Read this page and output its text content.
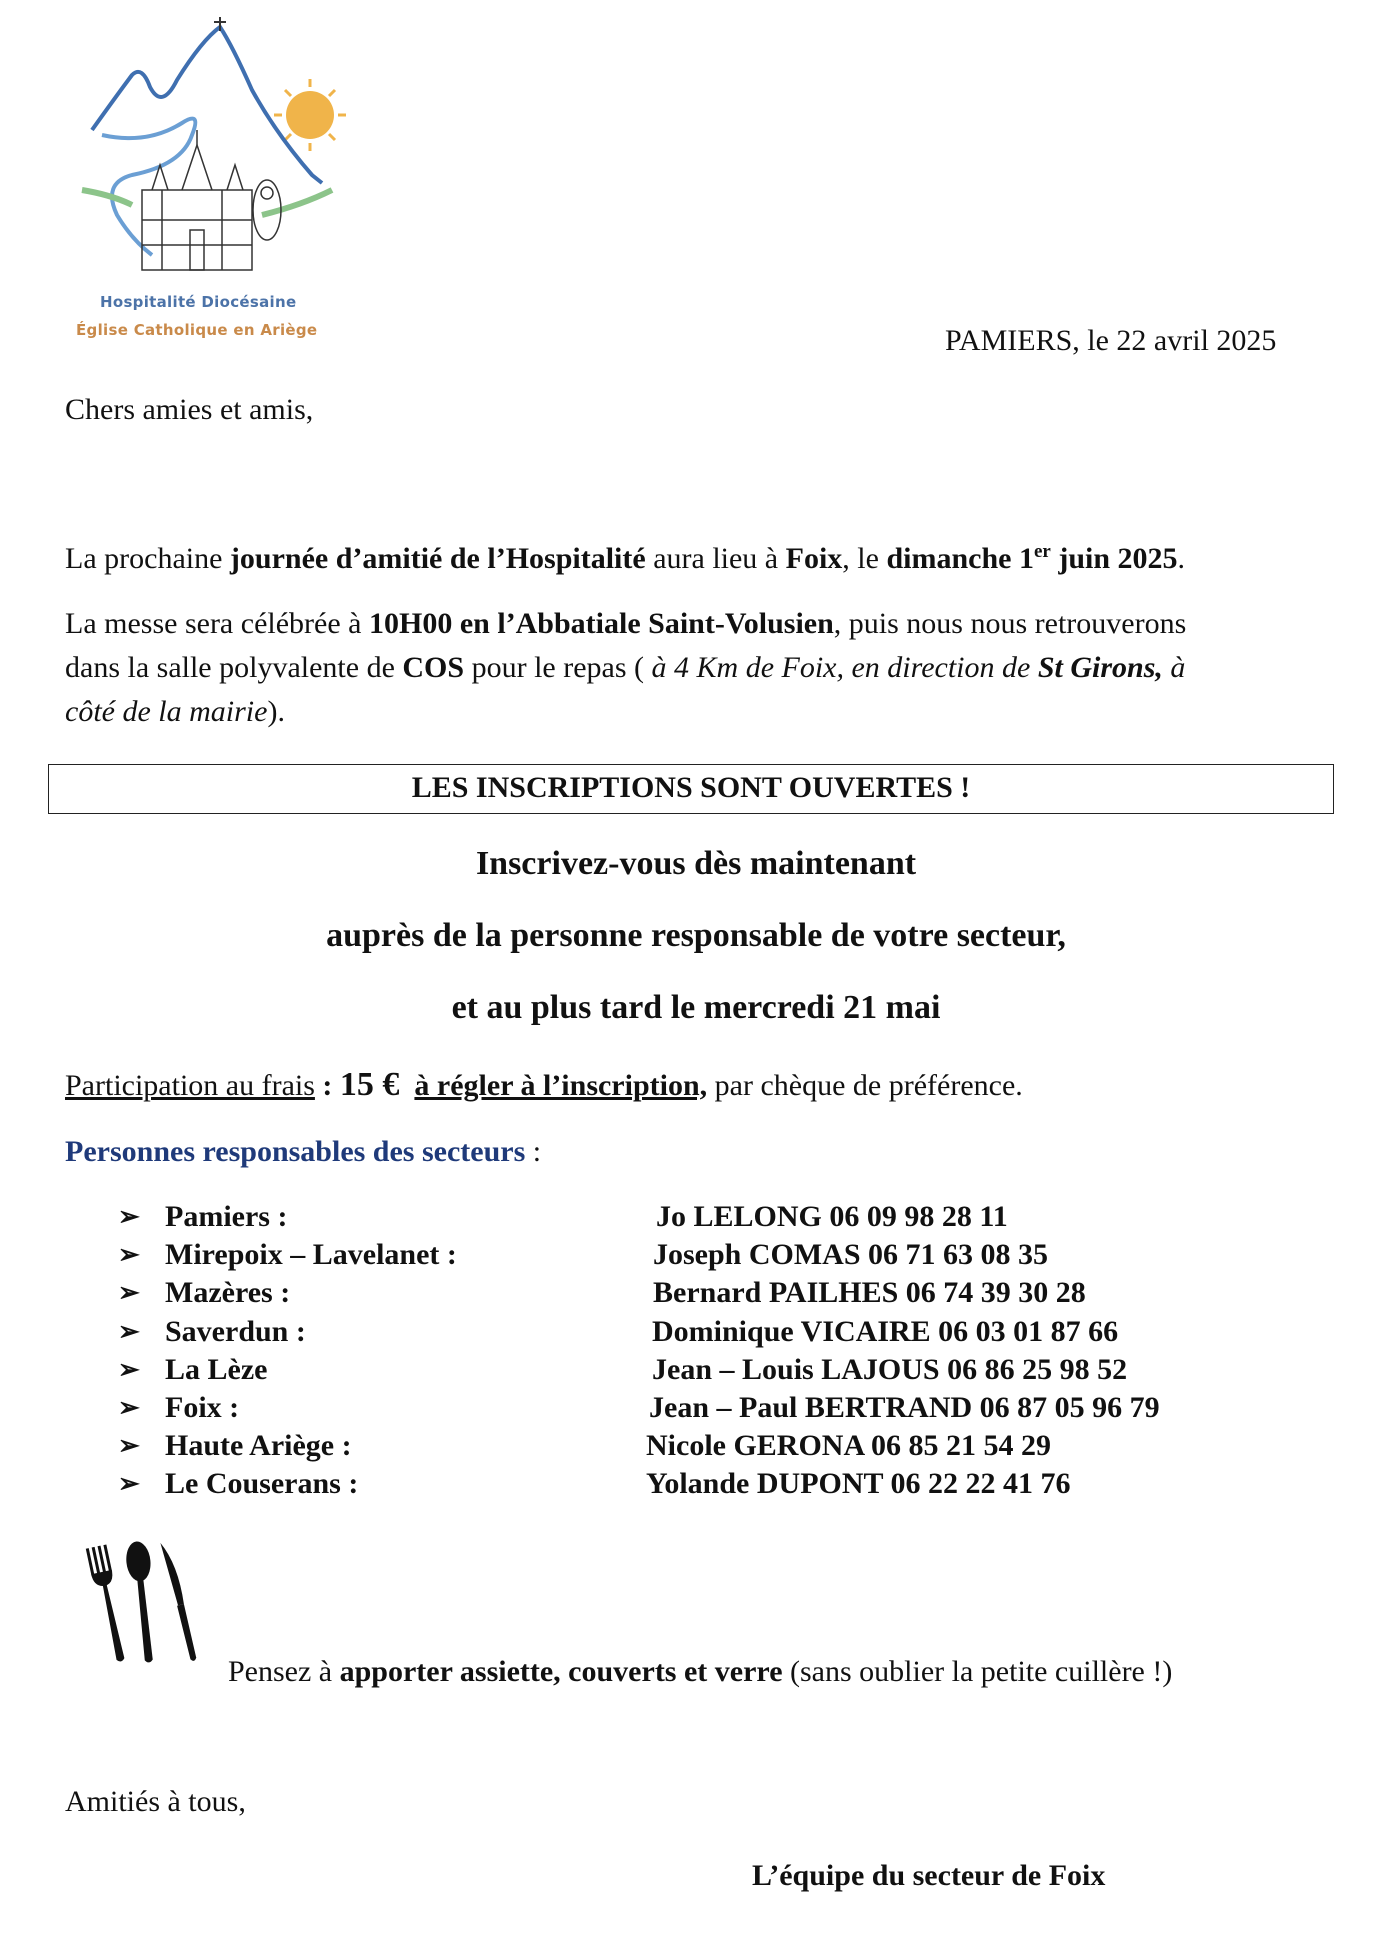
Hospitalité Diocésaine
Église Catholique en Ariège	PAMIERS, le 22 avril 2025

Chers amies et amis,

La prochaine journée d’amitié de l’Hospitalité aura lieu à Foix, le dimanche 1er juin 2025.

La messe sera célébrée à 10H00 en l’Abbatiale Saint-Volusien, puis nous nous retrouverons
dans la salle polyvalente de COS pour le repas ( à 4 Km de Foix, en direction de St Girons, à
côté de la mairie).
LES INSCRIPTIONS SONT OUVERTES !
Inscrivez-vous dès maintenant
auprès de la personne responsable de votre secteur,
et au plus tard le mercredi 21 mai

Participation au frais : 15 € à régler à l’inscription, par chèque de préférence.

Personnes responsables des secteurs :

➢ Pamiers :	Jo LELONG 06 09 98 28 11
➢ Mirepoix – Lavelanet :	Joseph COMAS 06 71 63 08 35
➢ Mazères :	Bernard PAILHES 06 74 39 30 28
➢ Saverdun :	Dominique VICAIRE 06 03 01 87 66
➢ La Lèze	Jean – Louis LAJOUS 06 86 25 98 52
➢ Foix :	Jean – Paul BERTRAND 06 87 05 96 79
➢ Haute Ariège :	Nicole GERONA 06 85 21 54 29
➢ Le Couserans :	Yolande DUPONT 06 22 22 41 76

Pensez à apporter assiette, couverts et verre (sans oublier la petite cuillère !)

Amitiés à tous,

L’équipe du secteur de Foix
